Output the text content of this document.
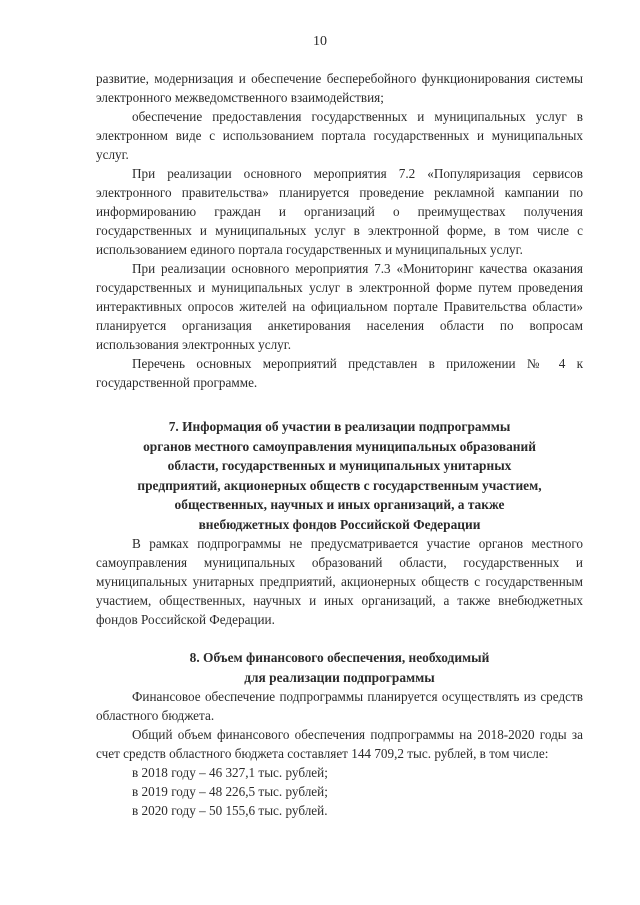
10

развитие, модернизация и обеспечение бесперебойного функционирования системы электронного межведомственного взаимодействия;

обеспечение предоставления государственных и муниципальных услуг в электронном виде с использованием портала государственных и муниципальных услуг.

При реализации основного мероприятия 7.2 «Популяризация сервисов электронного правительства» планируется проведение рекламной кампании по информированию граждан и организаций о преимуществах получения государственных и муниципальных услуг в электронной форме, в том числе с использованием единого портала государственных и муниципальных услуг.

При реализации основного мероприятия 7.3 «Мониторинг качества оказания государственных и муниципальных услуг в электронной форме путем проведения интерактивных опросов жителей на официальном портале Правительства области» планируется организация анкетирования населения области по вопросам использования электронных услуг.

Перечень основных мероприятий представлен в приложении № 4 к государственной программе.

7. Информация об участии в реализации подпрограммы
органов местного самоуправления муниципальных образований
области, государственных и муниципальных унитарных
предприятий, акционерных обществ с государственным участием,
общественных, научных и иных организаций, а также
внебюджетных фондов Российской Федерации

В рамках подпрограммы не предусматривается участие органов местного самоуправления муниципальных образований области, государственных и муниципальных унитарных предприятий, акционерных обществ с государственным участием, общественных, научных и иных организаций, а также внебюджетных фондов Российской Федерации.

8. Объем финансового обеспечения, необходимый
для реализации подпрограммы

Финансовое обеспечение подпрограммы планируется осуществлять из средств областного бюджета.

Общий объем финансового обеспечения подпрограммы на 2018-2020 годы за счет средств областного бюджета составляет 144 709,2 тыс. рублей, в том числе:

в 2018 году – 46 327,1 тыс. рублей;

в 2019 году – 48 226,5 тыс. рублей;

в 2020 году – 50 155,6 тыс. рублей.
